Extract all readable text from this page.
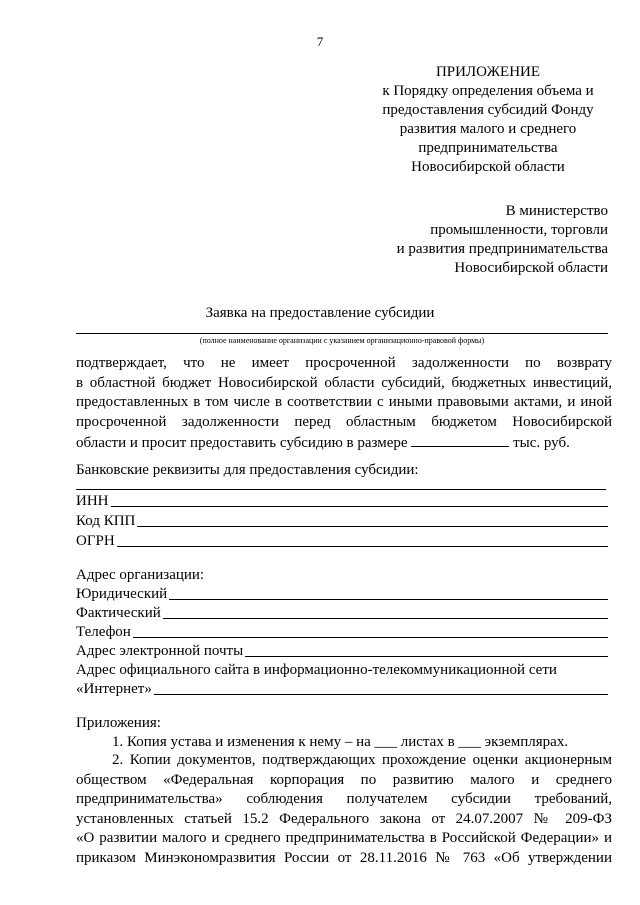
7
ПРИЛОЖЕНИЕ
к Порядку определения объема и
предоставления субсидий Фонду
развития малого и среднего
предпринимательства
Новосибирской области
В министерство
промышленности, торговли
и развития предпринимательства
Новосибирской области
Заявка на предоставление субсидии
(полное наименование организации с указанием организационно-правовой формы)
подтверждает, что не имеет просроченной задолженности по возврату
в областной бюджет Новосибирской области субсидий, бюджетных инвестиций,
предоставленных в том числе в соответствии с иными правовыми актами, и иной
просроченной задолженности перед областным бюджетом Новосибирской
области и просит предоставить субсидию в размере	тыс. руб.
Банковские реквизиты для предоставления субсидии:
ИНН
Код КПП
ОГРН
Адрес организации:
Юридический
Фактический
Телефон
Адрес электронной почты
Адрес официального сайта в информационно-телекоммуникационной сети
«Интернет»
Приложения:
1. Копия устава и изменения к нему – на ___ листах в ___ экземплярах.
2. Копии документов, подтверждающих прохождение оценки акционерным
обществом «Федеральная корпорация по развитию малого и среднего
предпринимательства» соблюдения получателем субсидии требований,
установленных статьей 15.2 Федерального закона от 24.07.2007 № 209-ФЗ
«О развитии малого и среднего предпринимательства в Российской Федерации» и
приказом Минэкономразвития России от 28.11.2016 № 763 «Об утверждении
